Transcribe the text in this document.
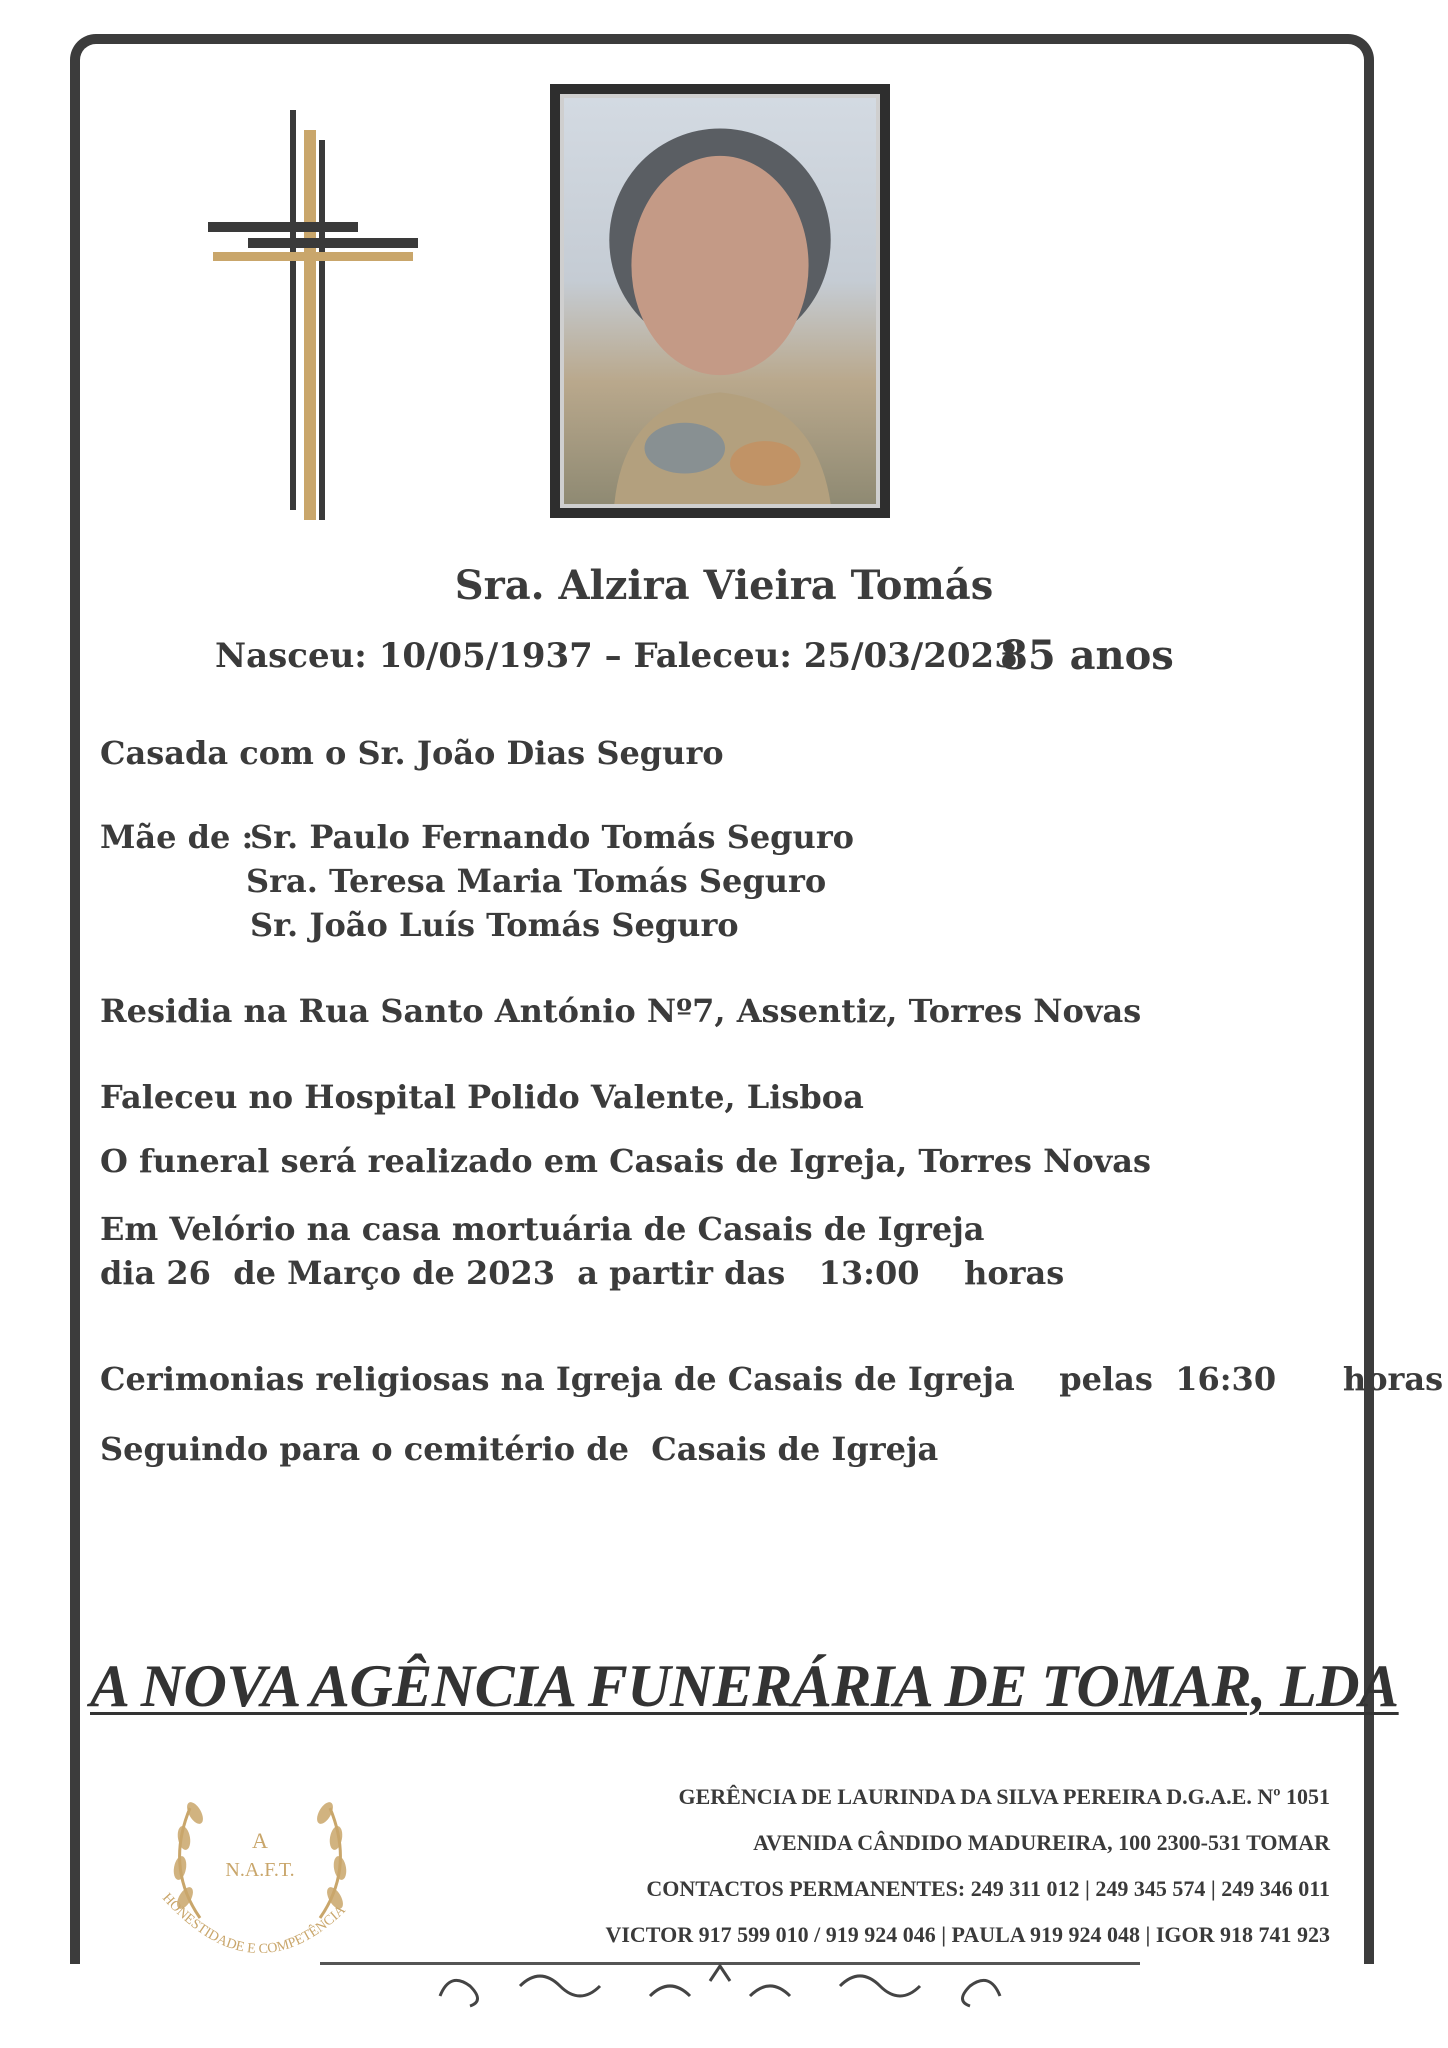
Sra. Alzira Vieira Tomás
Nasceu: 10/05/1937 – Faleceu: 25/03/2023
85 anos
Casada com o Sr. João Dias Seguro
Mãe de :
Sr. Paulo Fernando Tomás Seguro
Sra. Teresa Maria Tomás Seguro
Sr. João Luís Tomás Seguro
Residia na Rua Santo António Nº7, Assentiz, Torres Novas
Faleceu no Hospital Polido Valente, Lisboa
O funeral será realizado em Casais de Igreja, Torres Novas
Em Velório na casa mortuária de Casais de Igreja
dia 26  de Março de 2023  a partir das   13:00    horas
Cerimonias religiosas na Igreja de Casais de Igreja    pelas  16:30      horas
Seguindo para o cemitério de  Casais de Igreja
A NOVA AGÊNCIA FUNERÁRIA DE TOMAR, LDA
A
N.A.F.T.
HONESTIDADE E COMPETÊNCIA
GERÊNCIA DE LAURINDA DA SILVA PEREIRA D.G.A.E. Nº 1051
AVENIDA CÂNDIDO MADUREIRA, 100 2300-531 TOMAR
CONTACTOS PERMANENTES: 249 311 012 | 249 345 574 | 249 346 011
VICTOR 917 599 010 / 919 924 046 | PAULA 919 924 048 | IGOR 918 741 923
